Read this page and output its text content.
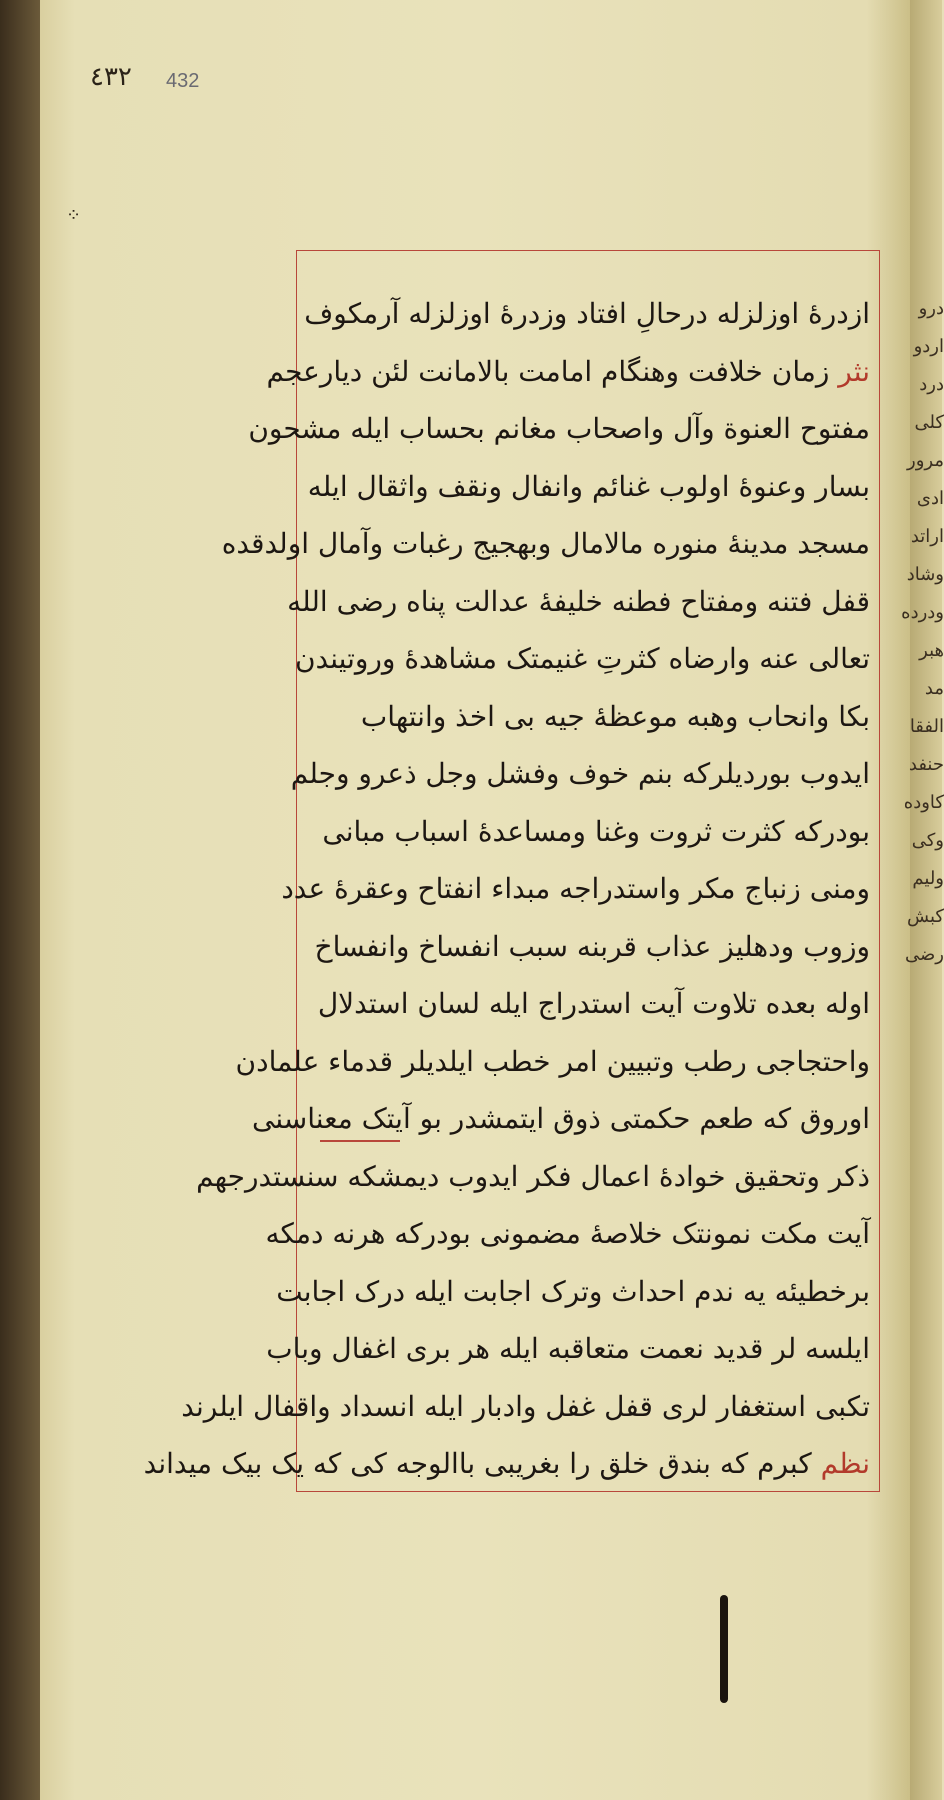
٤٣٢ 432
⁘
ازدرهٔ اوزلزله درحالِ افتاد وزدرهٔ اوزلزله آرمکوف
نثر زمان خلافت وهنگام امامت بالامانت لئن دیارعجم
مفتوح العنوة وآل واصحاب مغانم بحساب ایله مشحون
بسار وعنوهٔ اولوب غنائم وانفال ونقف واثقال ایله
مسجد مدینهٔ منوره مالامال وبهجیج رغبات وآمال اولدقده
قفل فتنه ومفتاح فطنه خلیفهٔ عدالت پناه رضی الله
تعالی عنه وارضاه کثرتِ غنیمتک مشاهدهٔ وروتیندن
بکا وانحاب وهبه موعظهٔ جیه بی اخذ وانتهاب
ایدوب بوردیلرکه بنم خوف وفشل وجل ذعرو وجلم
بودرکه کثرت ثروت وغنا ومساعدهٔ اسباب مبانی
ومنی زنباج مکر واستدراجه مبداء انفتاح وعقرهٔ عدد
وزوب ودهلیز عذاب قربنه سبب انفساخ وانفساخ
اوله بعده تلاوت آیت استدراج ایله لسان استدلال
واحتجاجی رطب وتبیین امر خطب ایلدیلر قدماء علمادن
اوروق که طعم حکمتی ذوق ایتمشدر بو آیتک معناسنی
ذکر وتحقیق خوادهٔ اعمال فکر ایدوب دیمشکه سنستدرجهم
آیت مکت نمونتک خلاصهٔ مضمونی بودرکه هرنه دمکه
برخطیئه یه ندم احداث وترک اجابت ایله درک اجابت
ایلسه لر قدید نعمت متعاقبه ایله هر بری اغفال وباب
تکبی استغفار لری قفل غفل وادبار ایله انسداد واقفال ایلرند
نظم کبرم که بندق خلق را بغریبی باالوجه کی که یک بیک میداند
درو
اردو
درد
کلی
مرور
ادی
اراتد
وشاد
ودرده
هبر
مد
الفقا
حنفد
کاوده
وکی
ولیم
کبش
رضی
